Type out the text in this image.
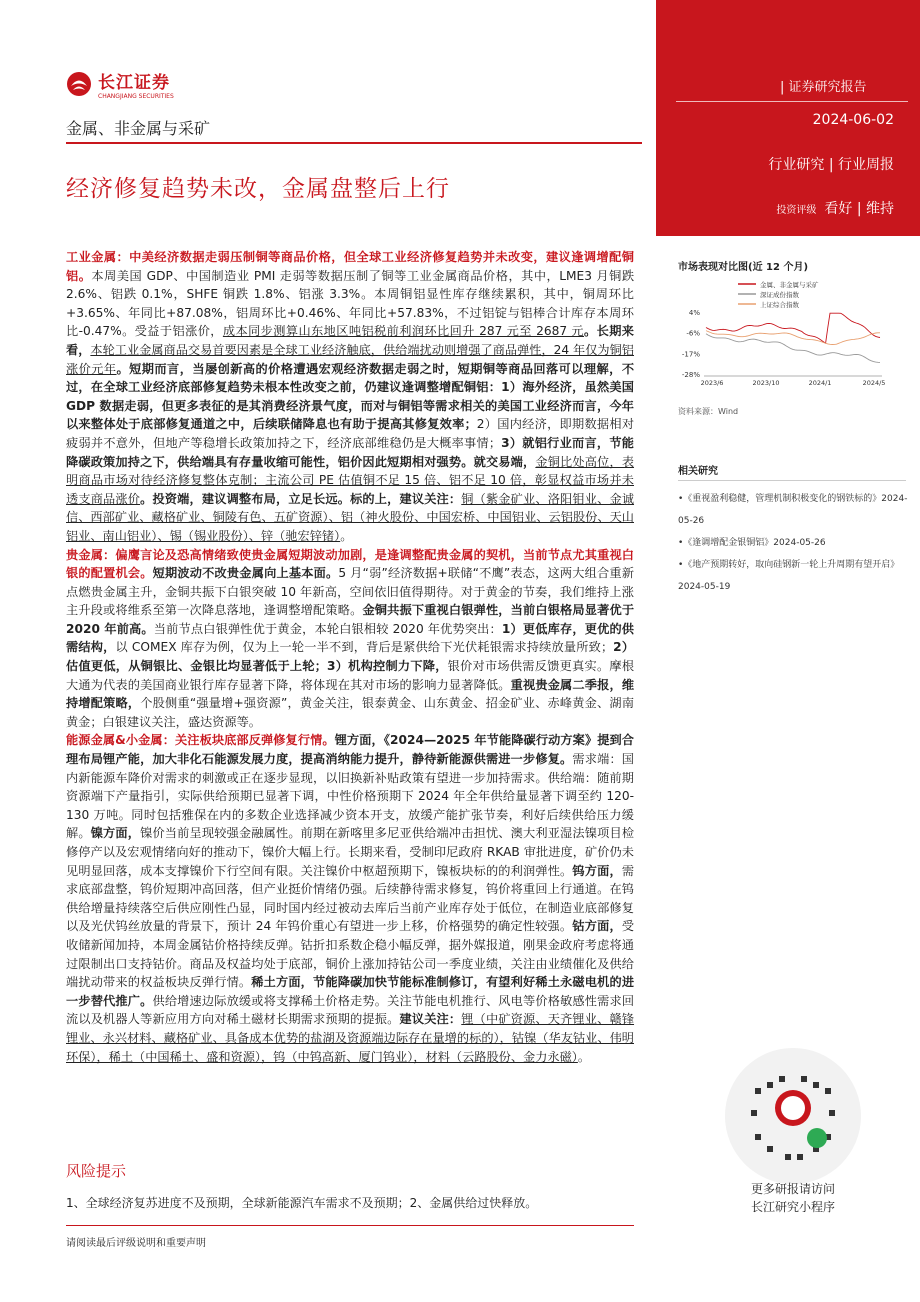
长江证券
CHANGJIANG SECURITIES
金属、非金属与采矿
经济修复趋势未改，金属盘整后上行
| 证券研究报告
2024-06-02
行业研究 | 行业周报
投资评级 看好 | 维持
市场表现对比图(近 12 个月)
4%
-6%
-17%
-28%
2023/6	2023/10	2024/1	2024/5
金属、非金属与采矿
深证成份指数
上证综合指数
资料来源：Wind
相关研究
•《重视盈利稳健，管理机制积极变化的钢铁标的》2024-05-26
•《逢调增配金银铜铝》2024-05-26
•《地产预期转好，取向硅钢新一轮上升周期有望开启》2024-05-19
更多研报请访问
长江研究小程序

工业金属：中美经济数据走弱压制铜等商品价格，但全球工业经济修复趋势并未改变，建议逢调增配铜铝。本周美国 GDP、中国制造业 PMI 走弱等数据压制了铜等工业金属商品价格，其中，LME3 月铜跌 2.6%、铝跌 0.1%，SHFE 铜跌 1.8%、铝涨 3.3%。本周铜铝显性库存继续累积，其中，铜周环比+3.65%、年同比+87.08%，铝周环比+0.46%、年同比+57.83%，不过铝锭与铝棒合计库存本周环比-0.47%。受益于铝涨价，成本同步测算山东地区吨铝税前利润环比回升 287 元至 2687 元。长期来看，本轮工业金属商品交易首要因素是全球工业经济触底，供给端扰动则增强了商品弹性，24 年仅为铜铝涨价元年。短期而言，当屡创新高的价格遭遇宏观经济数据走弱之时，短期铜等商品回落可以理解，不过，在全球工业经济底部修复趋势未根本性改变之前，仍建议逢调整增配铜铝：1）海外经济，虽然美国 GDP 数据走弱，但更多表征的是其消费经济景气度，而对与铜铝等需求相关的美国工业经济而言，今年以来整体处于底部修复通道之中，后续联储降息也有助于提高其修复效率；2）国内经济，即期数据相对疲弱并不意外，但地产等稳增长政策加持之下，经济底部维稳仍是大概率事情；3）就铝行业而言，节能降碳政策加持之下，供给端具有存量收缩可能性，铝价因此短期相对强势。就交易端，金铜比处高位，表明商品市场对待经济修复整体克制；主流公司 PE 估值铜不足 15 倍、铝不足 10 倍，彰显权益市场并未透支商品涨价。投资端，建议调整布局，立足长远。标的上，建议关注：铜（紫金矿业、洛阳钼业、金诚信、西部矿业、藏格矿业、铜陵有色、五矿资源）、铝（神火股份、中国宏桥、中国铝业、云铝股份、天山铝业、南山铝业）、锡（锡业股份）、锌（驰宏锌锗）。

贵金属：偏鹰言论及恐高情绪致使贵金属短期波动加剧，是逢调整配贵金属的契机，当前节点尤其重视白银的配置机会。短期波动不改贵金属向上基本面。5 月“弱”经济数据+联储“不鹰”表态，这两大组合重新点燃贵金属主升，金铜共振下白银突破 10 年新高，空间依旧值得期待。对于黄金的节奏，我们维持上涨主升段或将维系至第一次降息落地，逢调整增配策略。金铜共振下重视白银弹性，当前白银格局显著优于 2020 年前高。当前节点白银弹性优于黄金，本轮白银相较 2020 年优势突出：1）更低库存，更优的供需结构，以 COMEX 库存为例，仅为上一轮一半不到，背后是紧供给下光伏耗银需求持续放量所致；2）估值更低，从铜银比、金银比均显著低于上轮；3）机构控制力下降，银价对市场供需反馈更真实。摩根大通为代表的美国商业银行库存显著下降，将体现在其对市场的影响力显著降低。重视贵金属二季报，维持增配策略，个股侧重“强量增+强资源”，黄金关注，银泰黄金、山东黄金、招金矿业、赤峰黄金、湖南黄金；白银建议关注，盛达资源等。

能源金属&小金属：关注板块底部反弹修复行情。锂方面，《2024—2025 年节能降碳行动方案》提到合理布局锂产能，加大非化石能源发展力度，提高消纳能力提升，静待新能源供需进一步修复。需求端：国内新能源车降价对需求的刺激或正在逐步显现，以旧换新补贴政策有望进一步加持需求。供给端：随前期资源端下产量指引，实际供给预期已显著下调，中性价格预期下 2024 年全年供给量显著下调至约 120-130 万吨。同时包括雅保在内的多数企业选择减少资本开支，放缓产能扩张节奏，利好后续供给压力缓解。镍方面，镍价当前呈现较强金融属性。前期在新喀里多尼亚供给端冲击担忧、澳大利亚湿法镍项目检修停产以及宏观情绪向好的推动下，镍价大幅上行。长期来看，受制印尼政府 RKAB 审批进度，矿价仍未见明显回落，成本支撑镍价下行空间有限。关注镍价中枢超预期下，镍板块标的的利润弹性。钨方面，需求底部盘整，钨价短期冲高回落，但产业挺价情绪仍强。后续静待需求修复，钨价将重回上行通道。在钨供给增量持续落空后供应刚性凸显，同时国内经过被动去库后当前产业库存处于低位，在制造业底部修复以及光伏钨丝放量的背景下，预计 24 年钨价重心有望进一步上移，价格强势的确定性较强。钴方面，受收储新闻加持，本周金属钴价格持续反弹。钴折扣系数企稳小幅反弹，据外媒报道，刚果金政府考虑将通过限制出口支持钴价。商品及权益均处于底部，铜价上涨加持钴公司一季度业绩，关注由业绩催化及供给端扰动带来的权益板块反弹行情。稀土方面，节能降碳加快节能标准制修订，有望利好稀土永磁电机的进一步替代推广。供给增速边际放缓或将支撑稀土价格走势。关注节能电机推行、风电等价格敏感性需求回流以及机器人等新应用方向对稀土磁材长期需求预期的提振。建议关注：锂（中矿资源、天齐锂业、赣锋锂业、永兴材料、藏格矿业、具备成本优势的盐湖及资源端边际存在量增的标的），钴镍（华友钴业、伟明环保），稀土（中国稀土、盛和资源），钨（中钨高新、厦门钨业），材料（云路股份、金力永磁）。

风险提示
1、全球经济复苏进度不及预期，全球新能源汽车需求不及预期；2、金属供给过快释放。
请阅读最后评级说明和重要声明
